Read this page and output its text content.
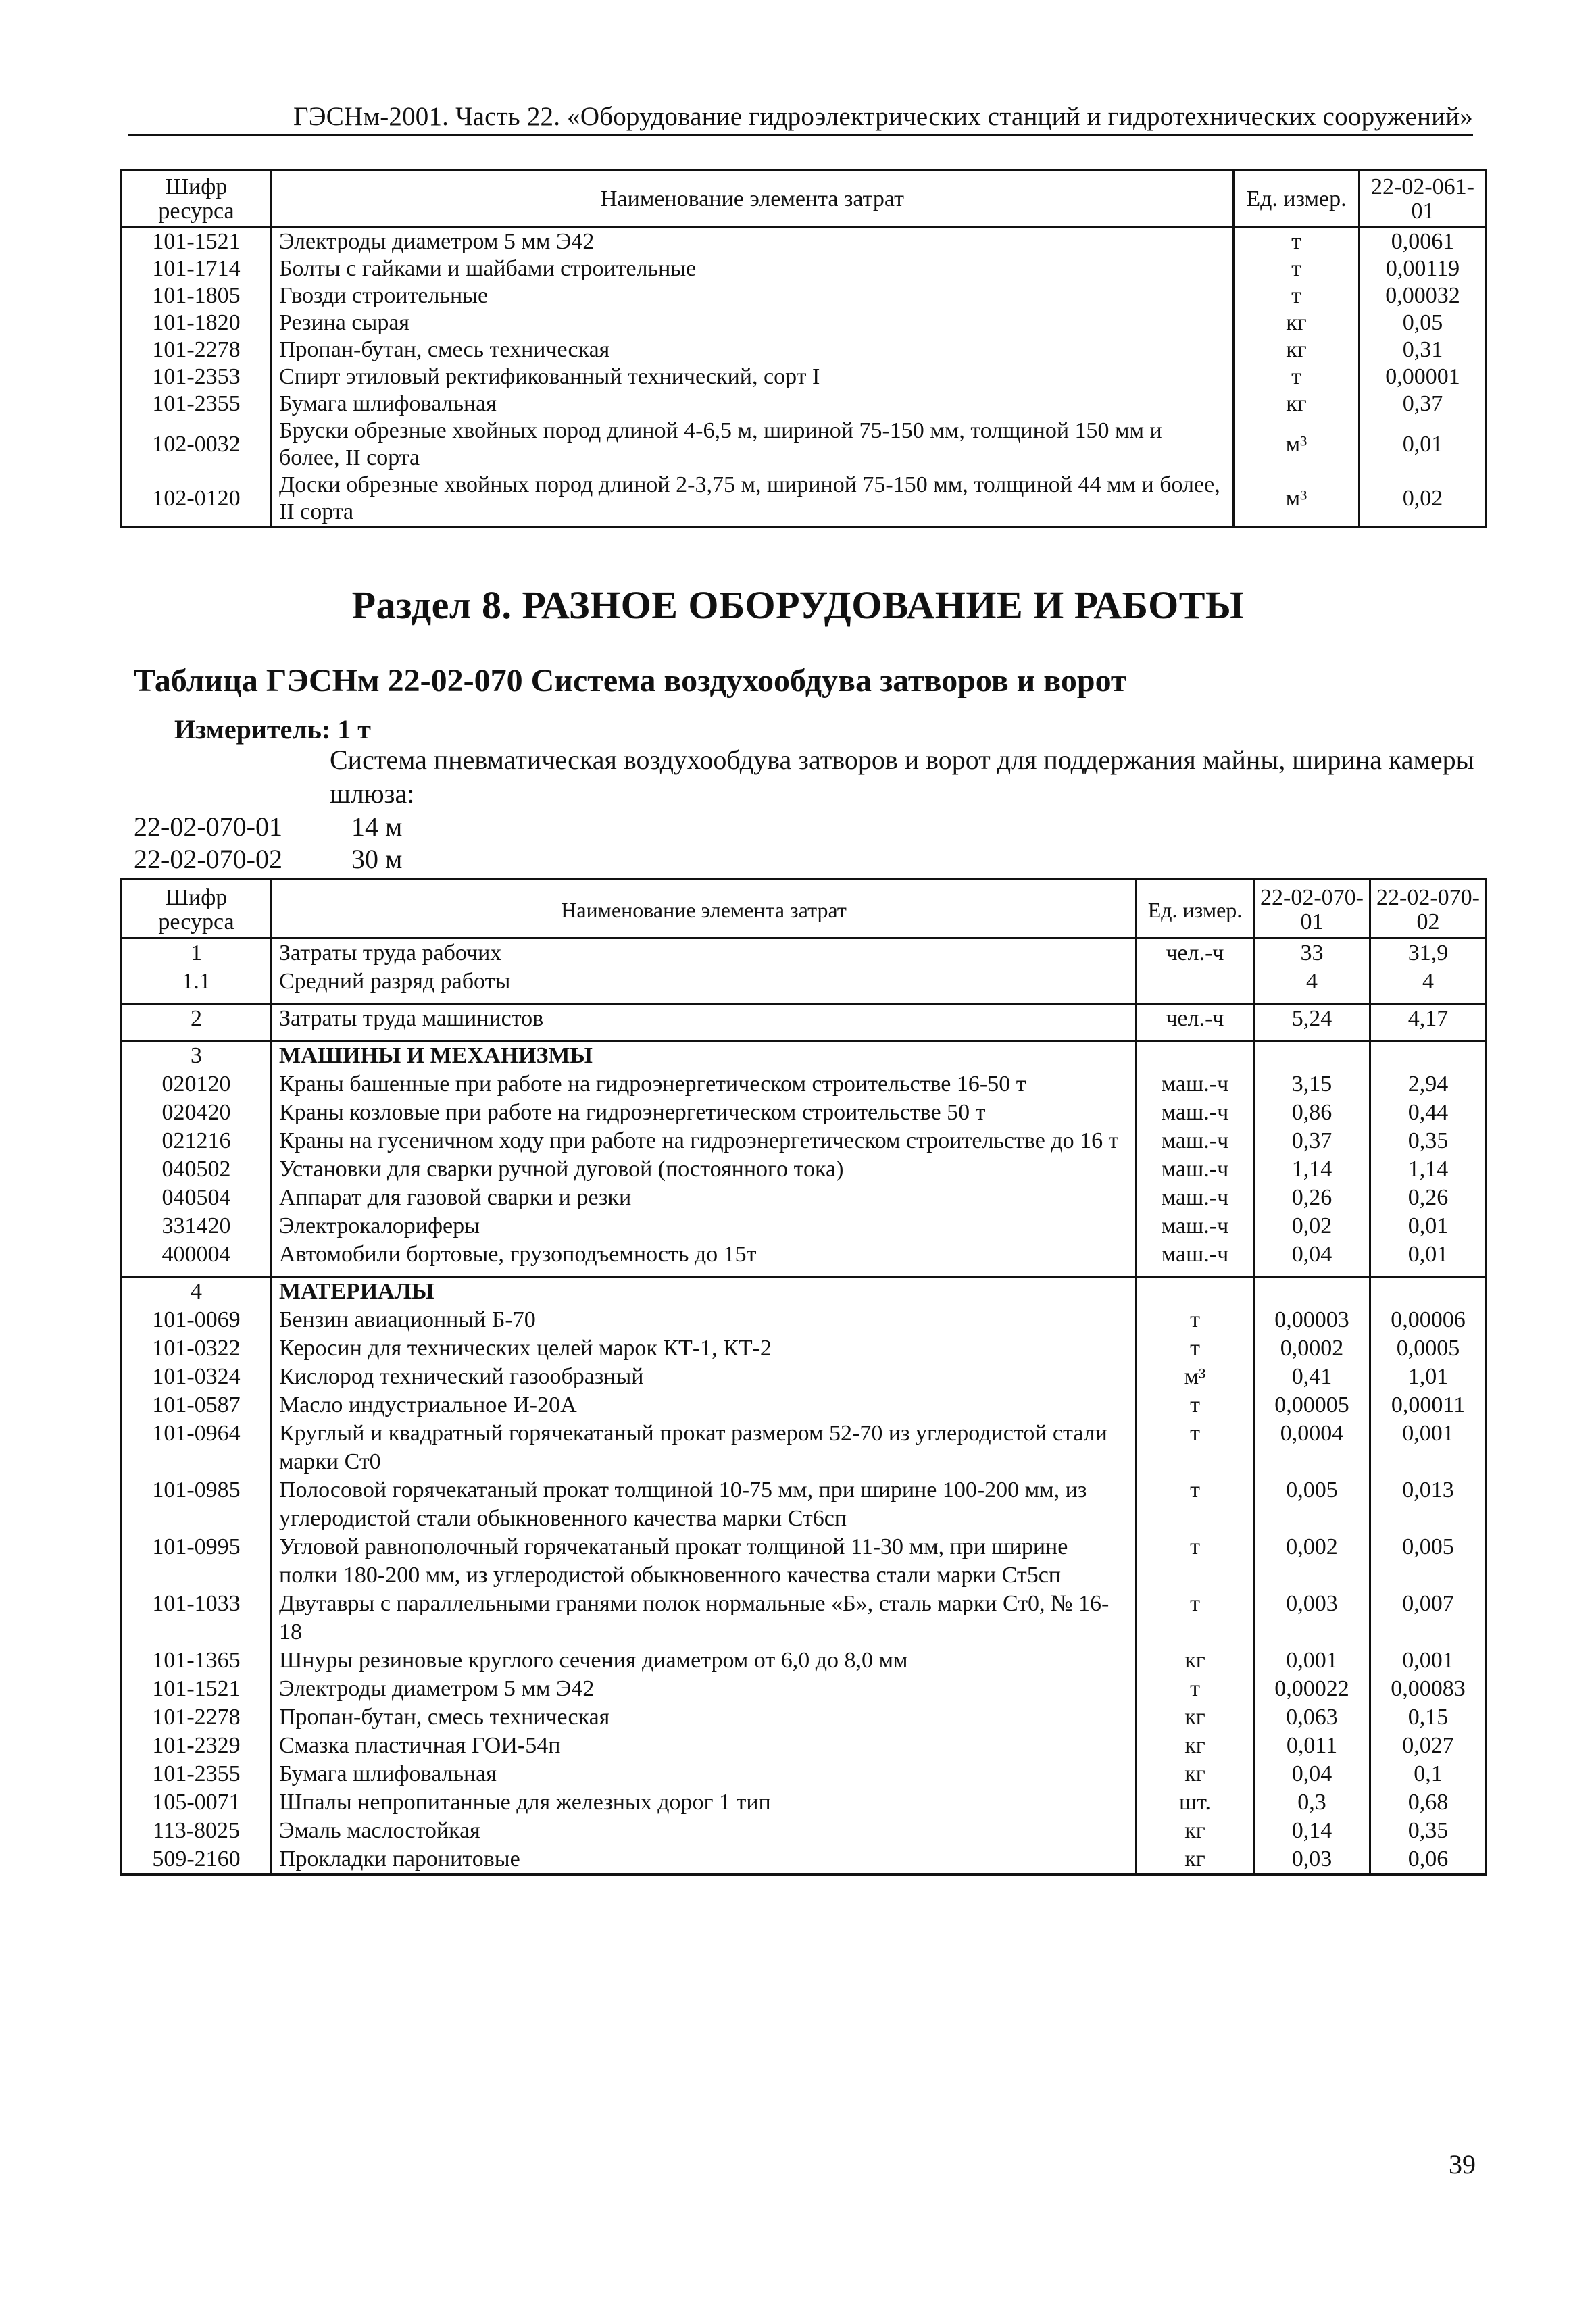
ГЭСНм-2001. Часть 22. «Оборудование гидроэлектрических станций и гидротехнических сооружений»
Шифр ресурса	Наименование элемента затрат	Ед. измер.	22-02-061-01
101-1521	Электроды диаметром 5 мм Э42	т	0,0061
101-1714	Болты с гайками и шайбами строительные	т	0,00119
101-1805	Гвозди строительные	т	0,00032
101-1820	Резина сырая	кг	0,05
101-2278	Пропан-бутан, смесь техническая	кг	0,31
101-2353	Спирт этиловый ректификованный технический, сорт I	т	0,00001
101-2355	Бумага шлифовальная	кг	0,37
102-0032	Бруски обрезные хвойных пород длиной 4-6,5 м, шириной 75-150 мм, толщиной 150 мм и более, II сорта	м³	0,01
102-0120	Доски обрезные хвойных пород длиной 2-3,75 м, шириной 75-150 мм, толщиной 44 мм и более, II сорта	м³	0,02
Раздел 8. РАЗНОЕ ОБОРУДОВАНИЕ И РАБОТЫ
Таблица ГЭСНм 22-02-070 Система воздухообдува затворов и ворот
Измеритель: 1 т
Система пневматическая воздухообдува затворов и ворот для поддержания майны, ширина камеры шлюза:
22-02-070-01	14 м
22-02-070-02	30 м
Шифр ресурса	Наименование элемента затрат	Ед. измер.	22-02-070-01	22-02-070-02
1	Затраты труда рабочих	чел.-ч	33	31,9
1.1	Средний разряд работы		4	4

2	Затраты труда машинистов	чел.-ч	5,24	4,17

3	МАШИНЫ И МЕХАНИЗМЫ			
020120	Краны башенные при работе на гидроэнергетическом строительстве 16-50 т	маш.-ч	3,15	2,94
020420	Краны козловые при работе на гидроэнергетическом строительстве 50 т	маш.-ч	0,86	0,44
021216	Краны на гусеничном ходу при работе на гидроэнергетическом строительстве до 16 т	маш.-ч	0,37	0,35
040502	Установки для сварки ручной дуговой (постоянного тока)	маш.-ч	1,14	1,14
040504	Аппарат для газовой сварки и резки	маш.-ч	0,26	0,26
331420	Электрокалориферы	маш.-ч	0,02	0,01
400004	Автомобили бортовые, грузоподъемность до 15т	маш.-ч	0,04	0,01

4	МАТЕРИАЛЫ			
101-0069	Бензин авиационный Б-70	т	0,00003	0,00006
101-0322	Керосин для технических целей марок КТ-1, КТ-2	т	0,0002	0,0005
101-0324	Кислород технический газообразный	м³	0,41	1,01
101-0587	Масло индустриальное И-20А	т	0,00005	0,00011
101-0964	Круглый и квадратный горячекатаный прокат размером 52-70 из углеродистой стали марки Ст0	т	0,0004	0,001
101-0985	Полосовой горячекатаный прокат толщиной 10-75 мм, при ширине 100-200 мм, из углеродистой стали обыкновенного качества марки Ст6сп	т	0,005	0,013
101-0995	Угловой равнополочный горячекатаный прокат толщиной 11-30 мм, при ширине полки 180-200 мм, из углеродистой обыкновенного качества стали марки Ст5сп	т	0,002	0,005
101-1033	Двутавры с параллельными гранями полок нормальные «Б», сталь марки Ст0, № 16-18	т	0,003	0,007
101-1365	Шнуры резиновые круглого сечения диаметром от 6,0 до 8,0 мм	кг	0,001	0,001
101-1521	Электроды диаметром 5 мм Э42	т	0,00022	0,00083
101-2278	Пропан-бутан, смесь техническая	кг	0,063	0,15
101-2329	Смазка пластичная ГОИ-54п	кг	0,011	0,027
101-2355	Бумага шлифовальная	кг	0,04	0,1
105-0071	Шпалы непропитанные для железных дорог 1 тип	шт.	0,3	0,68
113-8025	Эмаль маслостойкая	кг	0,14	0,35
509-2160	Прокладки паронитовые	кг	0,03	0,06
39
